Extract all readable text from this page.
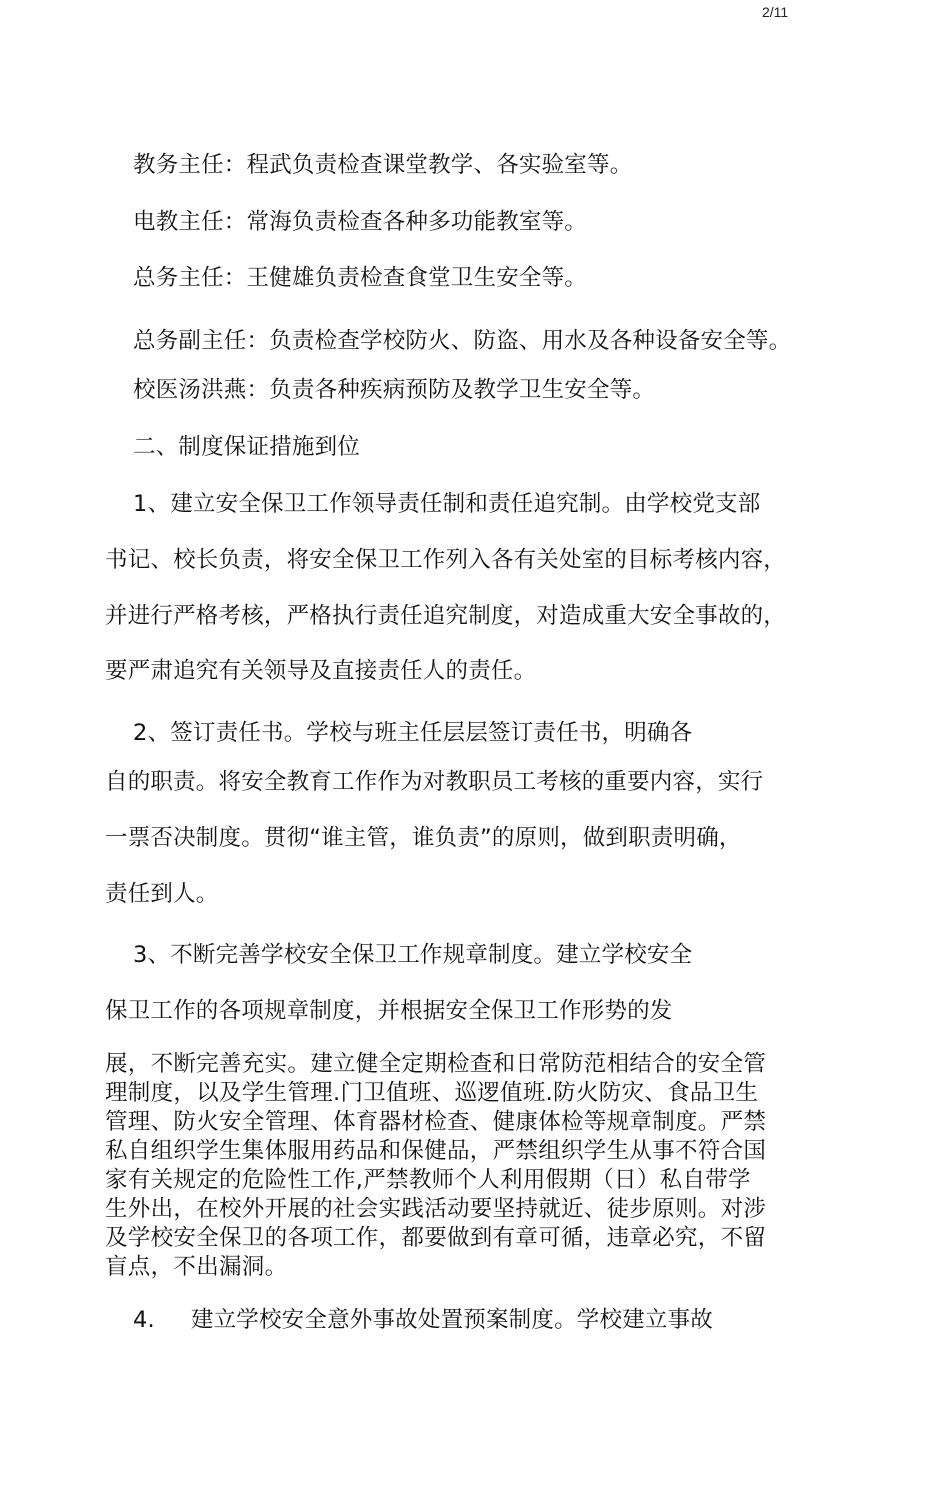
2/11
教务主任：程武负责检查课堂教学、各实验室等。
电教主任：常海负责检查各种多功能教室等。
总务主任：王健雄负责检查食堂卫生安全等。
总务副主任：负责检查学校防火、防盗、用水及各种设备安全等。
校医汤洪燕：负责各种疾病预防及教学卫生安全等。
二、制度保证措施到位
1、建立安全保卫工作领导责任制和责任追究制。由学校党支部
书记、校长负责，将安全保卫工作列入各有关处室的目标考核内容，
并进行严格考核，严格执行责任追究制度，对造成重大安全事故的，
要严肃追究有关领导及直接责任人的责任。
2、签订责任书。学校与班主任层层签订责任书，明确各
自的职责。将安全教育工作作为对教职员工考核的重要内容，实行
一票否决制度。贯彻“谁主管，谁负责”的原则，做到职责明确，
责任到人。
3、不断完善学校安全保卫工作规章制度。建立学校安全
保卫工作的各项规章制度，并根据安全保卫工作形势的发
展，不断完善充实。建立健全定期检查和日常防范相结合的安全管
理制度，以及学生管理.门卫值班、巡逻值班.防火防灾、食品卫生
管理、防火安全管理、体育器材检查、健康体检等规章制度。严禁
私自组织学生集体服用药品和保健品，严禁组织学生从事不符合国
家有关规定的危险性工作,严禁教师个人利用假期（日）私自带学
生外出，在校外开展的社会实践活动要坚持就近、徒步原则。对涉
及学校安全保卫的各项工作，都要做到有章可循，违章必究，不留
盲点，不出漏洞。
4. 建立学校安全意外事故处置预案制度。学校建立事故
